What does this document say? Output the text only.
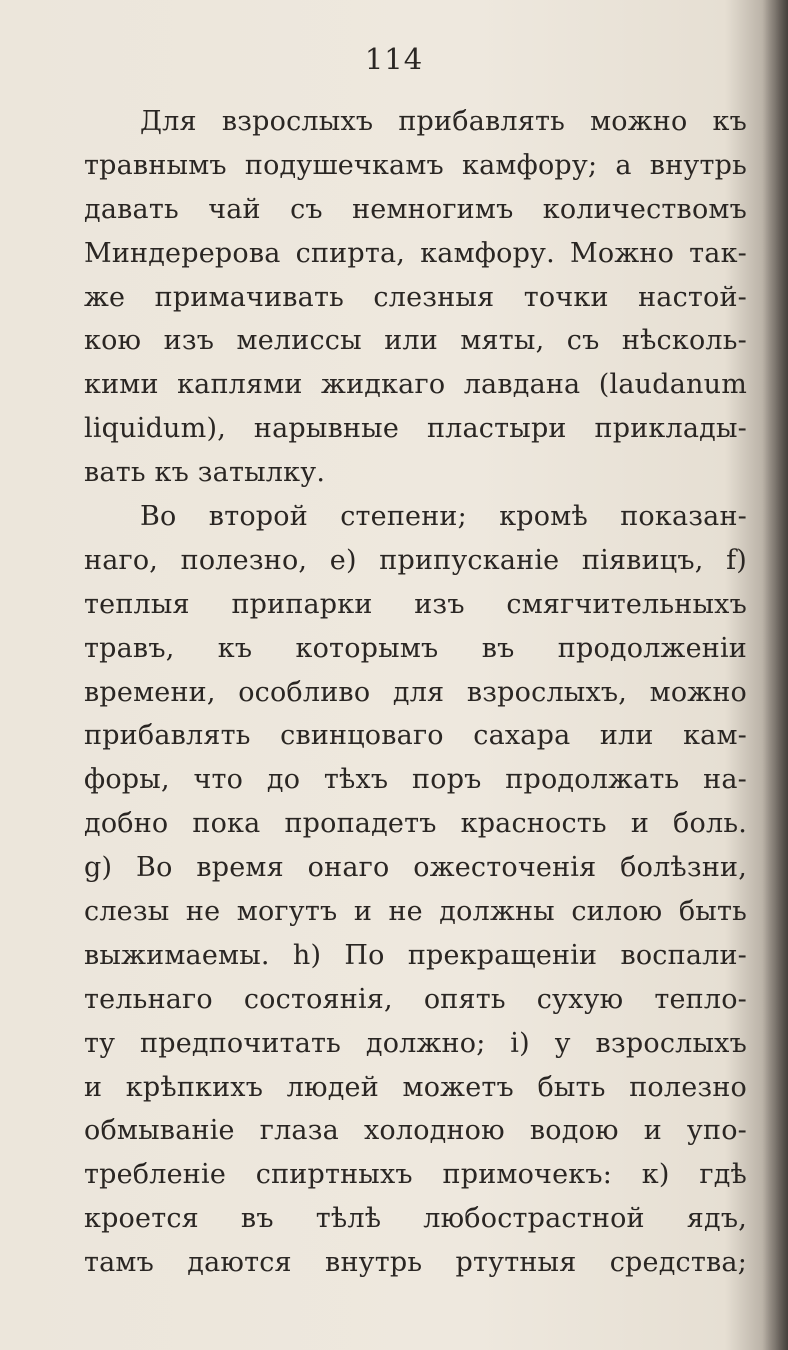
114
Для взрослыхъ прибавлять можно къ
травнымъ подушечкамъ камфору; а внутрь
давать чай съ немногимъ количествомъ
Миндерерова спирта, камфору. Можно так-
же примачивать слезныя точки настой-
кою изъ мелиссы или мяты, съ нѣсколь-
кими каплями жидкаго лавдана (laudanum
liquidum), нарывные пластыри приклады-
вать къ затылку.
Во второй степени; кромѣ показан-
наго, полезно, е) припусканіе піявицъ, f)
теплыя припарки изъ смягчительныхъ
травъ, къ которымъ въ продолженіи
времени, особливо для взрослыхъ, можно
прибавлять свинцоваго сахара или кам-
форы, что до тѣхъ поръ продолжать на-
добно пока пропадетъ красность и боль.
g) Во время онаго ожесточенія болѣзни,
слезы не могутъ и не должны силою быть
выжимаемы. h) По прекращеніи воспали-
тельнаго состоянія, опять сухую тепло-
ту предпочитать должно; i) у взрослыхъ
и крѣпкихъ людей можетъ быть полезно
обмываніе глаза холодною водою и упо-
требленіе спиртныхъ примочекъ: к) гдѣ
кроется въ тѣлѣ любострастной ядъ,
тамъ даются внутрь ртутныя средства;
